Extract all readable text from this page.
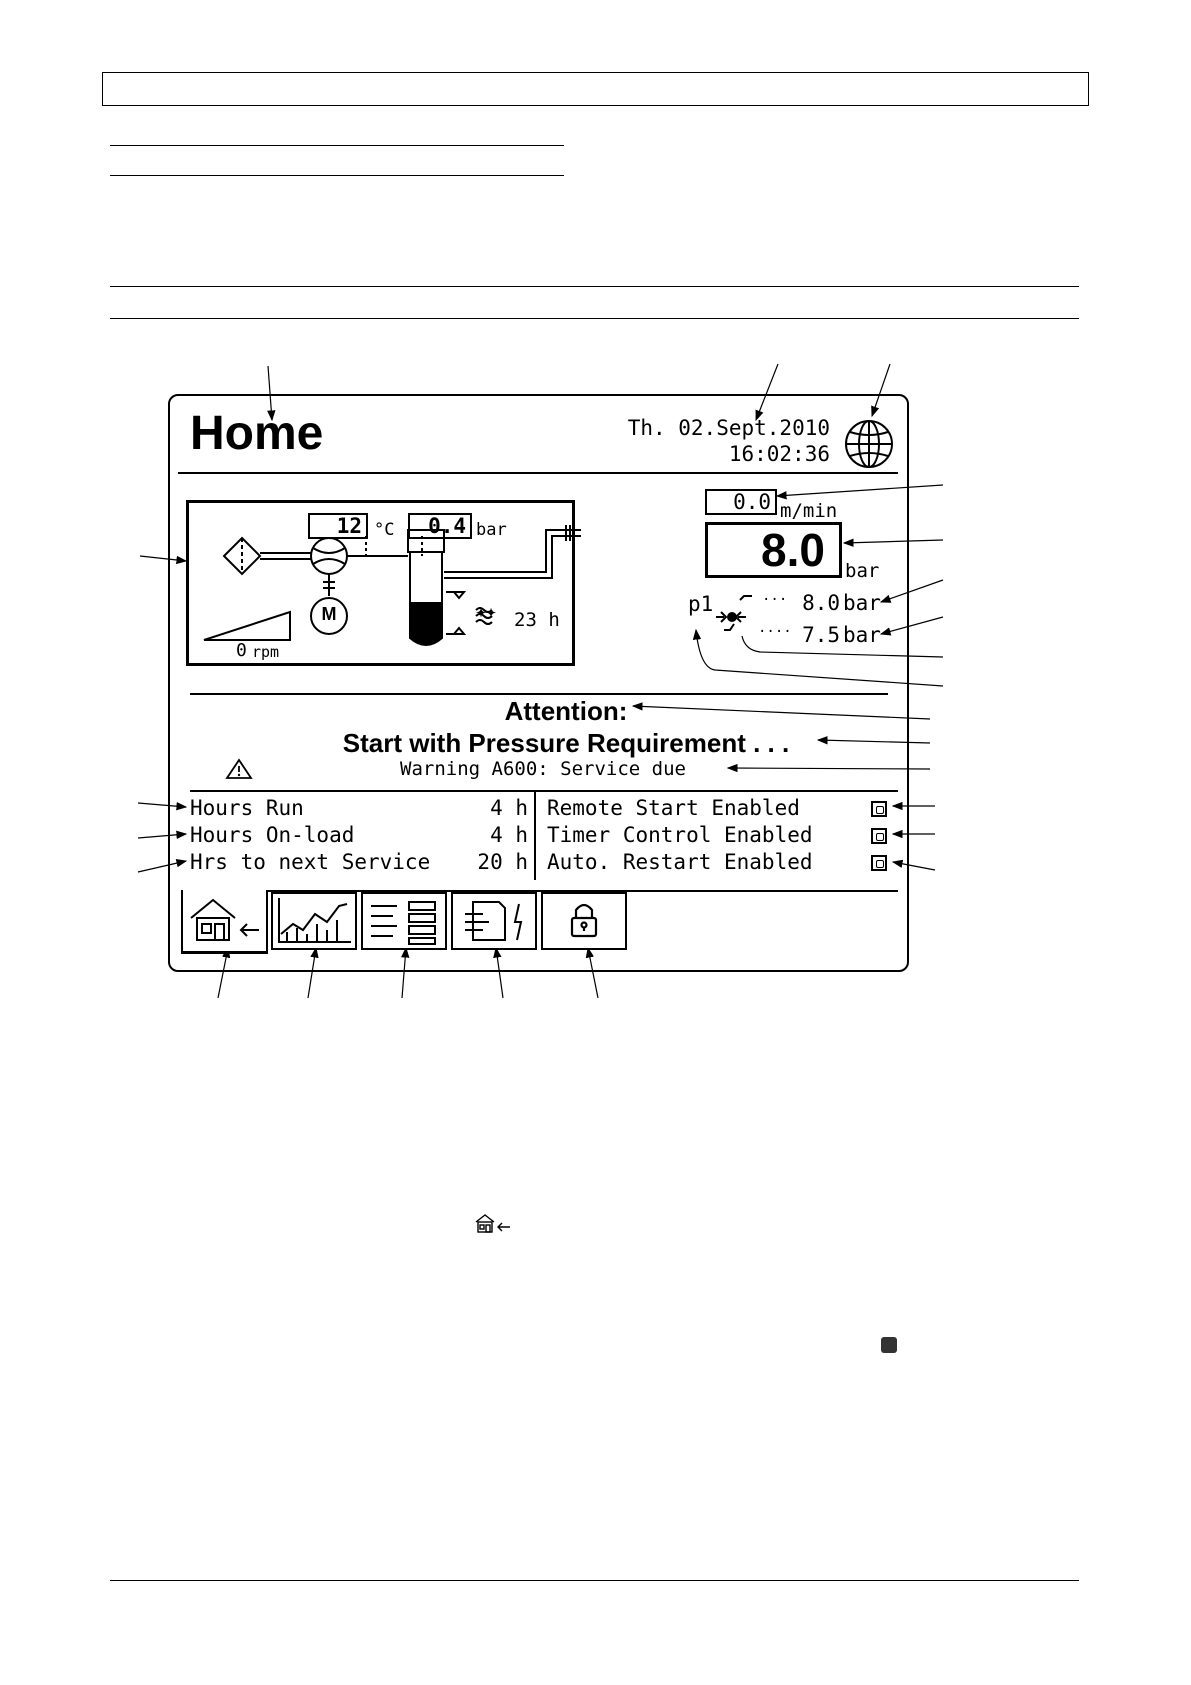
Home	Th. 02.Sept.2010
16:02:36
12 °C	0.4 bar
M
0 rpm
✦✦ 23 h
0.0 m/min
8.0	bar
p1	··· 8.0 bar
···· 7.5 bar
Attention:
Start with Pressure Requirement . . .
Warning A600: Service due
Hours Run	4 h
Hours On-load	4 h
Hrs to next Service 20 h
Remote Start Enabled
Timer Control Enabled
Auto. Restart Enabled
